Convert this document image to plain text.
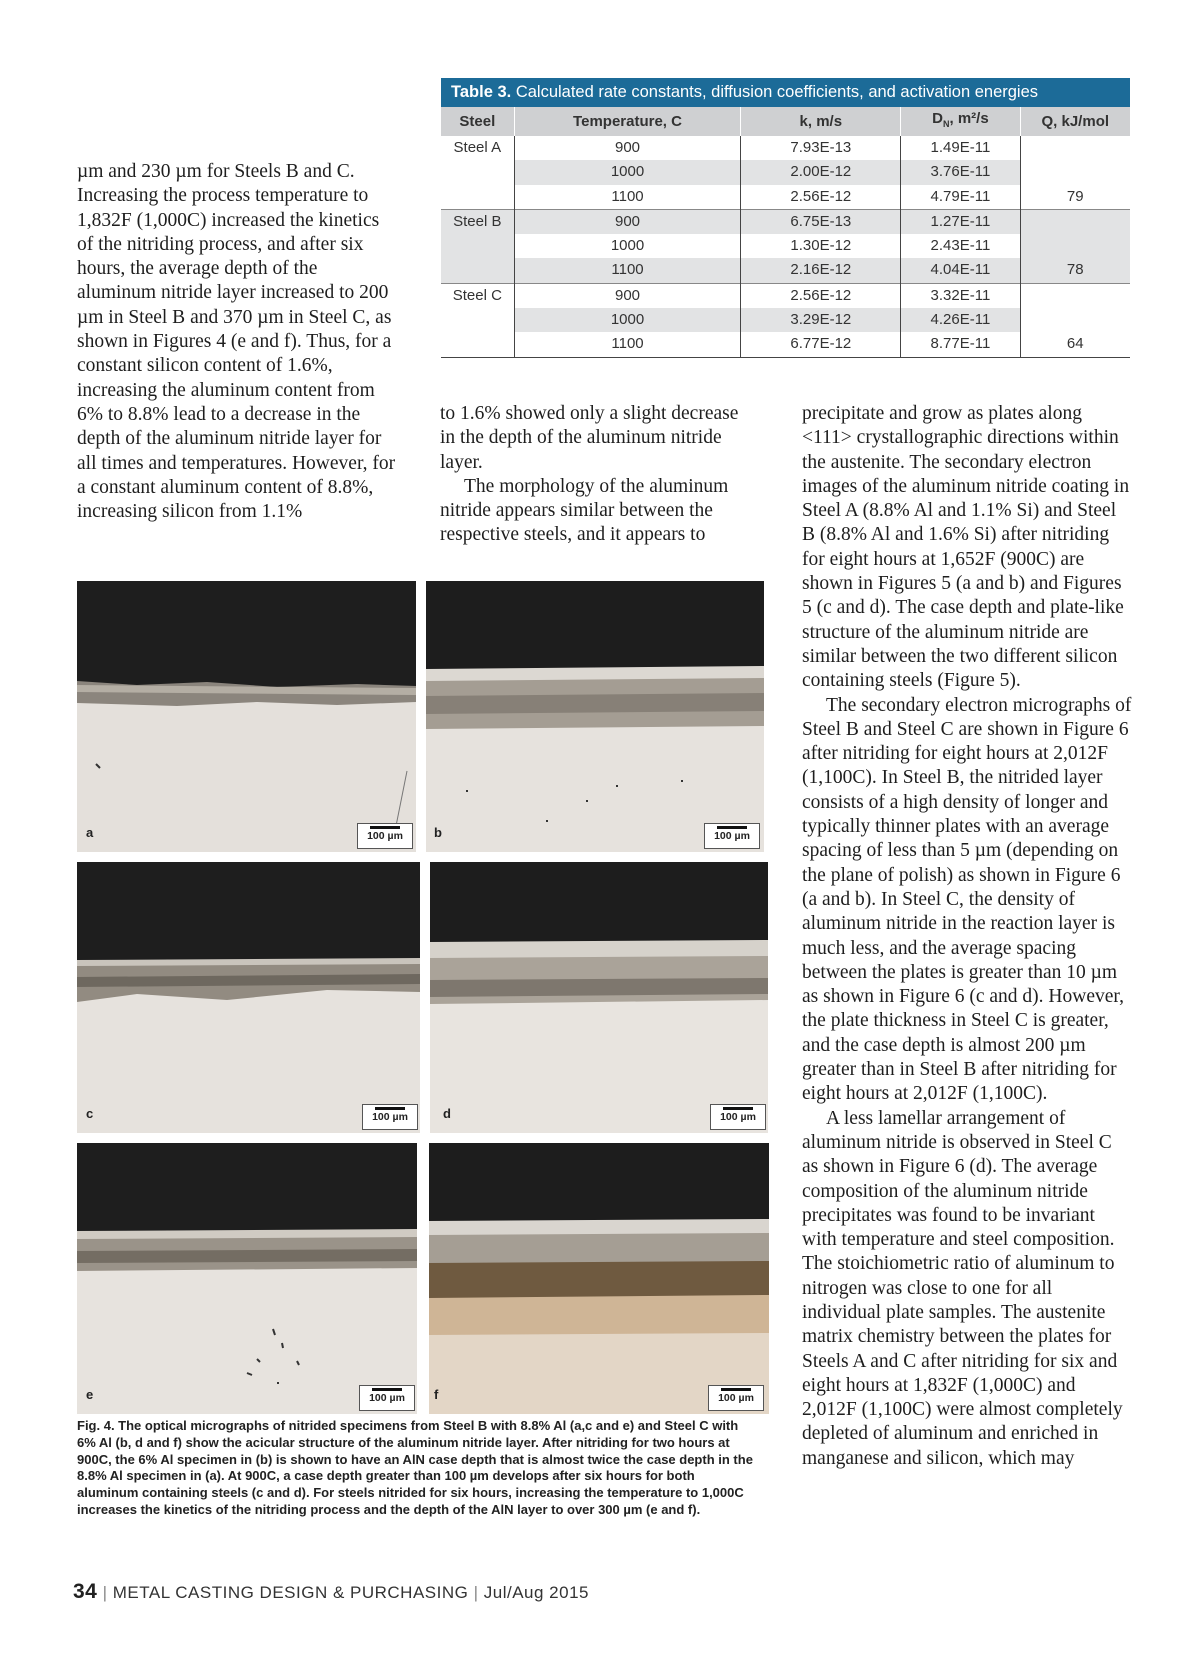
Table 3. Calculated rate constants, diffusion coefficients, and activation energies
Steel	Temperature, C	k, m/s	$D_N$, m²/s	Q, kJ/mol
Steel A	900	7.93E-13	1.49E-11	
	1000	2.00E-12	3.76E-11	
	1100	2.56E-12	4.79E-11	79
Steel B	900	6.75E-13	1.27E-11	
	1000	1.30E-12	2.43E-11	
	1100	2.16E-12	4.04E-11	78
Steel C	900	2.56E-12	3.32E-11	
	1000	3.29E-12	4.26E-11	
	1100	6.77E-12	8.77E-11	64

µm and 230 µm for Steels B and C. Increasing the process temperature to 1,832F (1,000C) increased the kinetics of the nitriding process, and after six hours, the average depth of the aluminum nitride layer increased to 200 µm in Steel B and 370 µm in Steel C, as shown in Figures 4 (e and f). Thus, for a constant silicon content of 1.6%, increasing the aluminum content from 6% to 8.8% lead to a decrease in the depth of the aluminum nitride layer for all times and temperatures. However, for a constant aluminum content of 8.8%, increasing silicon from 1.1%

to 1.6% showed only a slight decrease in the depth of the aluminum nitride layer.

The morphology of the aluminum nitride appears similar between the respective steels, and it appears to

precipitate and grow as plates along <111> crystallographic directions within the austenite. The secondary electron images of the aluminum nitride coating in Steel A (8.8% Al and 1.1% Si) and Steel B (8.8% Al and 1.6% Si) after nitriding for eight hours at 1,652F (900C) are shown in Figures 5 (a and b) and Figures 5 (c and d). The case depth and plate-like structure of the aluminum nitride are similar between the two different silicon containing steels (Figure 5).

The secondary electron micrographs of Steel B and Steel C are shown in Figure 6 after nitriding for eight hours at 2,012F (1,100C). In Steel B, the nitrided layer consists of a high density of longer and typically thinner plates with an average spacing of less than 5 µm (depending on the plane of polish) as shown in Figure 6 (a and b). In Steel C, the density of aluminum nitride in the reaction layer is much less, and the average spacing between the plates is greater than 10 µm as shown in Figure 6 (c and d). However, the plate thickness in Steel C is greater, and the case depth is almost 200 µm greater than in Steel B after nitriding for eight hours at 2,012F (1,100C).

A less lamellar arrangement of aluminum nitride is observed in Steel C as shown in Figure 6 (d). The average composition of the aluminum nitride precipitates was found to be invariant with temperature and steel composition. The stoichiometric ratio of aluminum to nitrogen was close to one for all individual plate samples. The austenite matrix chemistry between the plates for Steels A and C after nitriding for six and eight hours at 1,832F (1,000C) and 2,012F (1,100C) were almost completely depleted of aluminum and enriched in manganese and silicon, which may

a	b
c	d
e	f
100 µm	100 µm
100 µm	100 µm
100 µm	100 µm
Fig. 4. The optical micrographs of nitrided specimens from Steel B with 8.8% Al (a,c and e) and Steel C with 6% Al (b, d and f) show the acicular structure of the aluminum nitride layer. After nitriding for two hours at 900C, the 6% Al specimen in (b) is shown to have an AlN case depth that is almost twice the case depth in the 8.8% Al specimen in (a). At 900C, a case depth greater than 100 µm develops after six hours for both aluminum containing steels (c and d). For steels nitrided for six hours, increasing the temperature to 1,000C increases the kinetics of the nitriding process and the depth of the AlN layer to over 300 µm (e and f).
34 | METAL CASTING DESIGN & PURCHASING | Jul/Aug 2015
